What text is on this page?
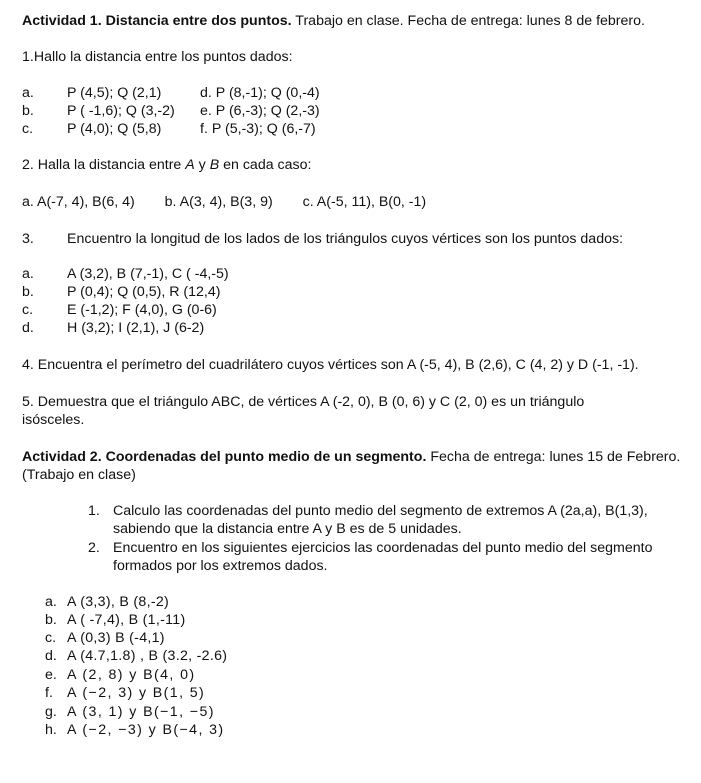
Actividad 1. Distancia entre dos puntos. Trabajo en clase. Fecha de entrega: lunes 8 de febrero.
1.Hallo la distancia entre los puntos dados:
a. P (4,5); Q (2,1)	d. P (8,-1); Q (0,-4)
b. P ( -1,6); Q (3,-2) e. P (6,-3); Q (2,-3)
c. P (4,0); Q (5,8)	f. P (5,-3); Q (6,-7)
2. Halla la distancia entre A y B en cada caso:
a. A(-7, 4), B(6, 4) b. A(3, 4), B(3, 9) c. A(-5, 11), B(0, -1)
3. Encuentro la longitud de los lados de los triángulos cuyos vértices son los puntos dados:
a. A (3,2), B (7,-1), C ( -4,-5)
b. P (0,4); Q (0,5), R (12,4)
c. E (-1,2); F (4,0), G (0-6)
d. H (3,2); I (2,1), J (6-2)
4. Encuentra el perímetro del cuadrilátero cuyos vértices son A (-5, 4), B (2,6), C (4, 2) y D (-1, -1).
5. Demuestra que el triángulo ABC, de vértices A (-2, 0), B (0, 6) y C (2, 0) es un triángulo
isósceles.
Actividad 2. Coordenadas del punto medio de un segmento. Fecha de entrega: lunes 15 de Febrero.
(Trabajo en clase)
1. Calculo las coordenadas del punto medio del segmento de extremos A (2a,a), B(1,3),
sabiendo que la distancia entre A y B es de 5 unidades.
2. Encuentro en los siguientes ejercicios las coordenadas del punto medio del segmento
formados por los extremos dados.
a. A (3,3), B (8,-2)
b. A ( -7,4), B (1,-11)
c. A (0,3) B (-4,1)
d. A (4.7,1.8) , B (3.2, -2.6)
e. A (2, 8) y B(4, 0)
f. A (−2, 3) y B(1, 5)
g. A (3, 1) y B(−1, −5)
h. A (−2, −3) y B(−4, 3)
